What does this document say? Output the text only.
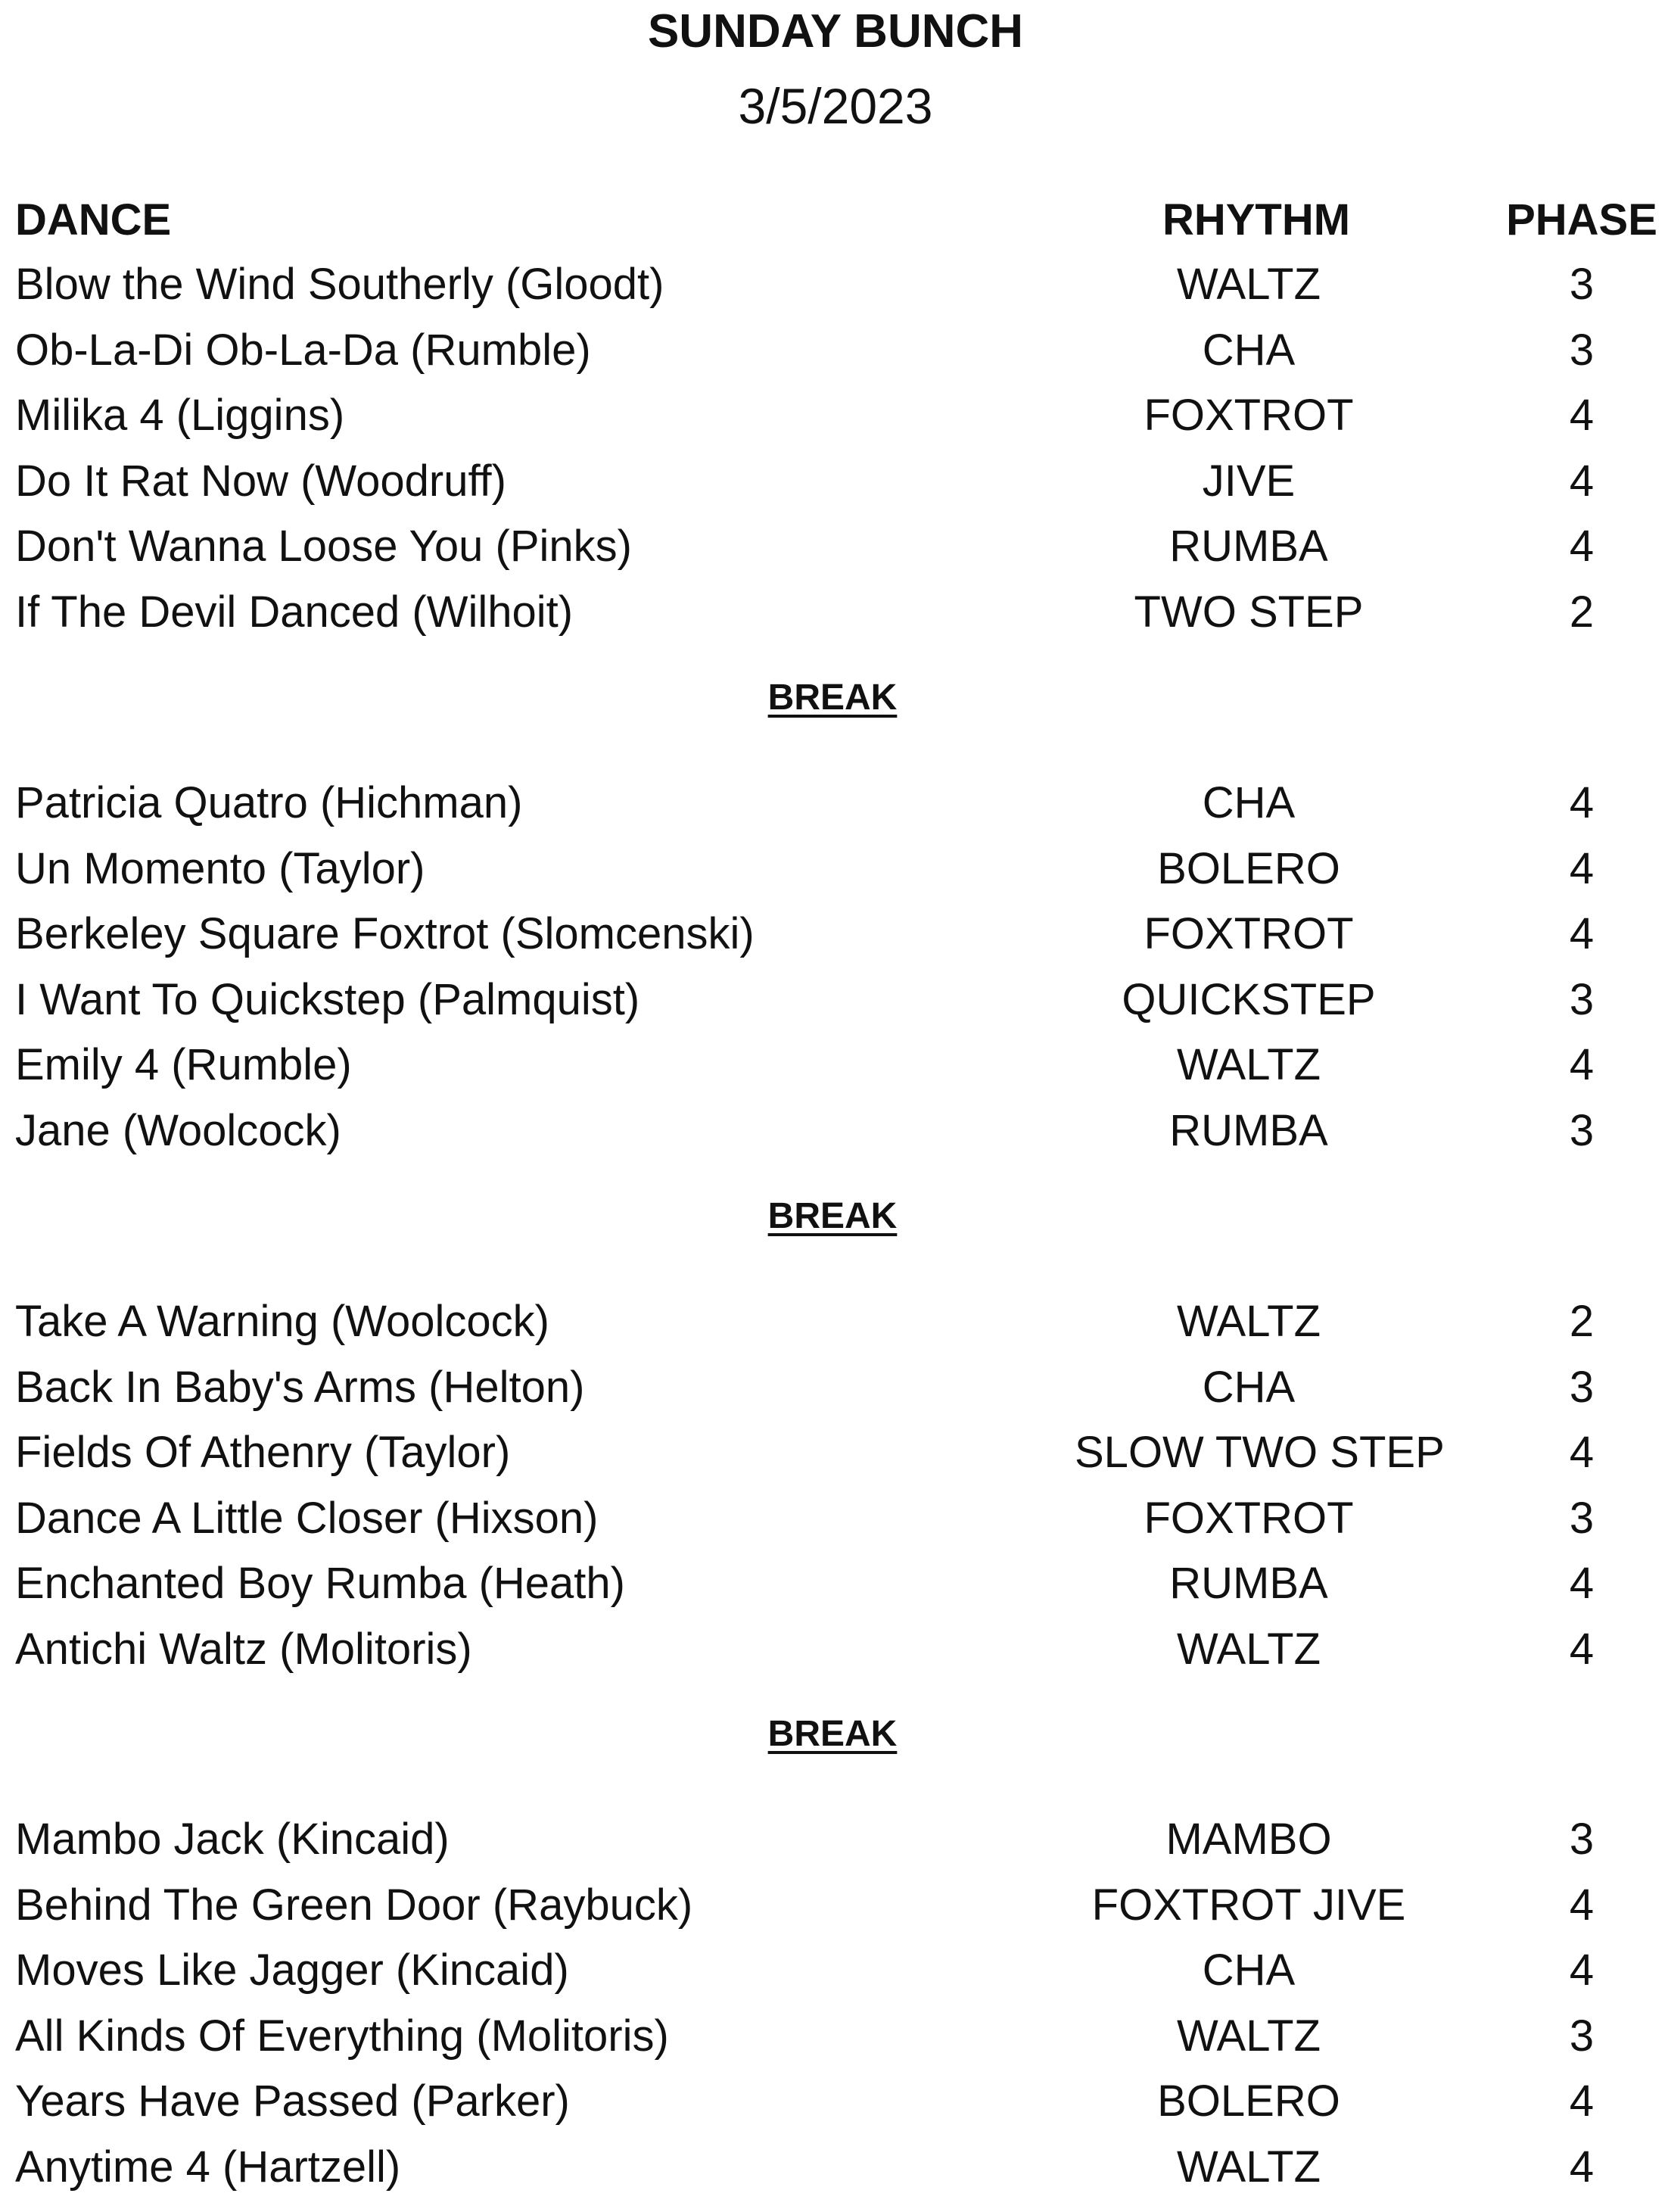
SUNDAY BUNCH
3/5/2023
DANCE	RHYTHM	PHASE
Blow the Wind Southerly (Gloodt)	WALTZ	3
Ob-La-Di Ob-La-Da (Rumble)	CHA	3
Milika 4 (Liggins)	FOXTROT	4
Do It Rat Now (Woodruff)	JIVE	4
Don't Wanna Loose You (Pinks)	RUMBA	4
If The Devil Danced (Wilhoit)	TWO STEP	2
BREAK
Patricia Quatro (Hichman)	CHA	4
Un Momento (Taylor)	BOLERO	4
Berkeley Square Foxtrot (Slomcenski)	FOXTROT	4
I Want To Quickstep (Palmquist)	QUICKSTEP	3
Emily 4 (Rumble)	WALTZ	4
Jane (Woolcock)	RUMBA	3
BREAK
Take A Warning (Woolcock)	WALTZ	2
Back In Baby's Arms (Helton)	CHA	3
Fields Of Athenry (Taylor)	SLOW TWO STEP	4
Dance A Little Closer (Hixson)	FOXTROT	3
Enchanted Boy Rumba (Heath)	RUMBA	4
Antichi Waltz (Molitoris)	WALTZ	4
BREAK
Mambo Jack (Kincaid)	MAMBO	3
Behind The Green Door (Raybuck)	FOXTROT JIVE	4
Moves Like Jagger (Kincaid)	CHA	4
All Kinds Of Everything (Molitoris)	WALTZ	3
Years Have Passed (Parker)	BOLERO	4
Anytime 4 (Hartzell)	WALTZ	4
